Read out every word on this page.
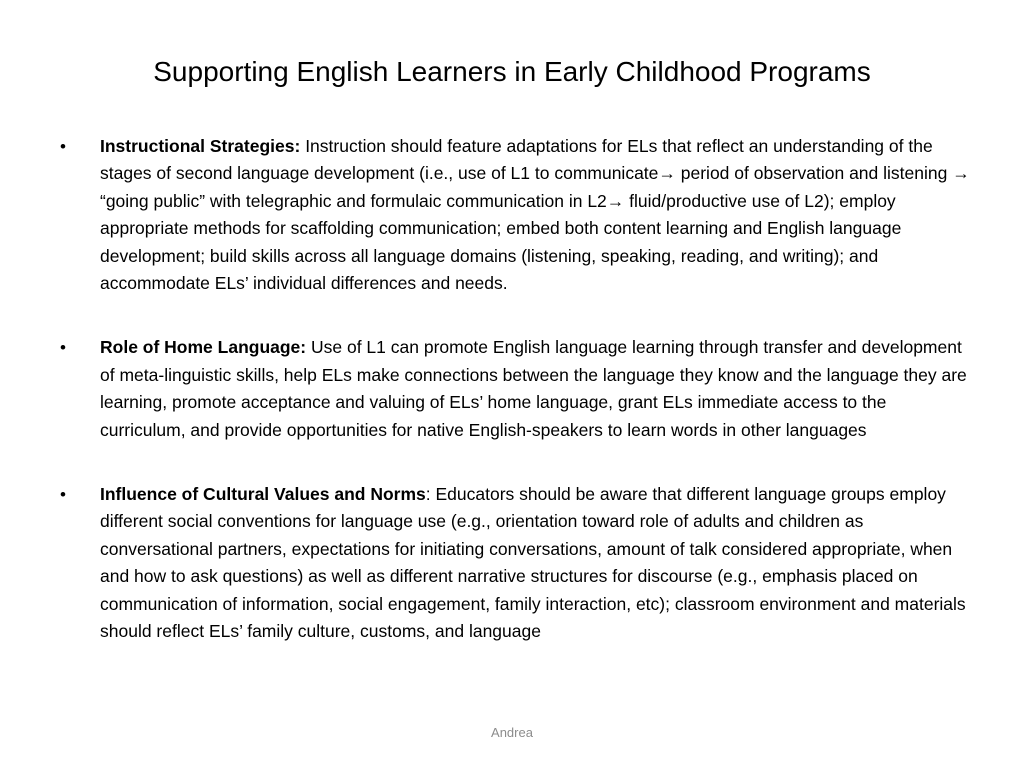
Supporting English Learners in Early Childhood Programs
• Instructional Strategies: Instruction should feature adaptations for ELs that reflect an understanding of the stages of second language development (i.e., use of L1 to communicate→ period of observation and listening → “going public” with telegraphic and formulaic communication in L2→ fluid/productive use of L2); employ appropriate methods for scaffolding communication; embed both content learning and English language development; build skills across all language domains (listening, speaking, reading, and writing); and accommodate ELs’ individual differences and needs.
• Role of Home Language: Use of L1 can promote English language learning through transfer and development of meta-linguistic skills, help ELs make connections between the language they know and the language they are learning, promote acceptance and valuing of ELs’ home language, grant ELs immediate access to the curriculum, and provide opportunities for native English-speakers to learn words in other languages
• Influence of Cultural Values and Norms: Educators should be aware that different language groups employ different social conventions for language use (e.g., orientation toward role of adults and children as conversational partners, expectations for initiating conversations, amount of talk considered appropriate, when and how to ask questions) as well as different narrative structures for discourse (e.g., emphasis placed on communication of information, social engagement, family interaction, etc); classroom environment and materials should reflect ELs’ family culture, customs, and language
Andrea
